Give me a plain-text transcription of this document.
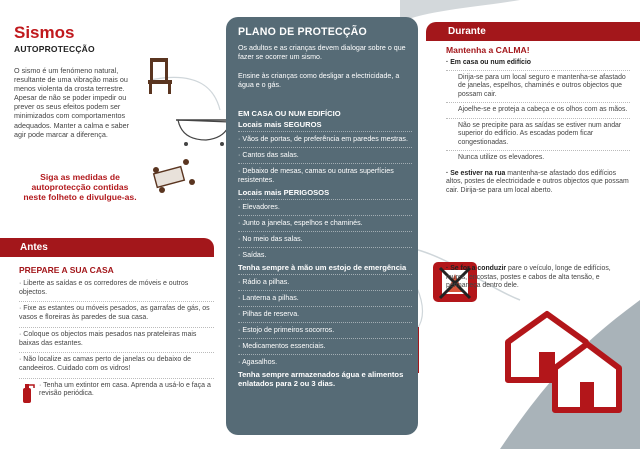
Sismos
AUTOPROTECÇÃO
O sismo é um fenómeno natural, resultante de uma vibração mais ou menos violenta da crosta terrestre. Apesar de não se poder impedir ou prever os seus efeitos podem ser minimizados com comportamentos adequados. Manter a calma e saber agir pode marcar a diferença.
Siga as medidas de autoprotecção contidas neste folheto e divulgue-as.
Antes
PREPARE A SUA CASA

· Liberte as saídas e os corredores de móveis e outros objectos.

· Fixe as estantes ou móveis pesados, as garrafas de gás, os vasos e floreiras às paredes de sua casa.

· Coloque os objectos mais pesados nas prateleiras mais baixas das estantes.

· Não localize as camas perto de janelas ou debaixo de candeeiros. Cuidado com os vidros!

· Tenha um extintor em casa. Aprenda a usá-lo e faça a revisão periódica.
PLANO DE PROTECÇÃO
Os adultos e as crianças devem dialogar sobre o que fazer se ocorrer um sismo.
Ensine às crianças como desligar a electricidade, a água e o gás.
EM CASA OU NUM EDIFÍCIO
Locais mais SEGUROS
· Vãos de portas, de preferência em paredes mestras.
· Cantos das salas.
· Debaixo de mesas, camas ou outras superfícies resistentes.
Locais mais PERIGOSOS
· Elevadores.
· Junto a janelas, espelhos e chaminés.
· No meio das salas.
· Saídas.
Tenha sempre à mão um estojo de emergência
· Rádio a pilhas.
· Lanterna a pilhas.
· Pilhas de reserva.
· Estojo de primeiros socorros.
· Medicamentos essenciais.
· Agasalhos.
Tenha sempre armazenados água e alimentos enlatados para 2 ou 3 dias.
Durante
Mantenha a CALMA!
· Em casa ou num edifício
Dirija-se para um local seguro e mantenha-se afastado de janelas, espelhos, chaminés e outros objectos que possam cair.
Ajoelhe-se e proteja a cabeça e os olhos com as mãos.
Não se precipite para as saídas se estiver num andar superior do edifício. As escadas podem ficar congestionadas.
Nunca utilize os elevadores.

· Se estiver na rua mantenha-se afastado dos edifícios altos, postes de electricidade e outros objectos que possam cair. Dirija-se para um local aberto.

· Se for a conduzir pare o veículo, longe de edifícios, muros, encostas, postes e cabos de alta tensão, e permaneça dentro dele.
